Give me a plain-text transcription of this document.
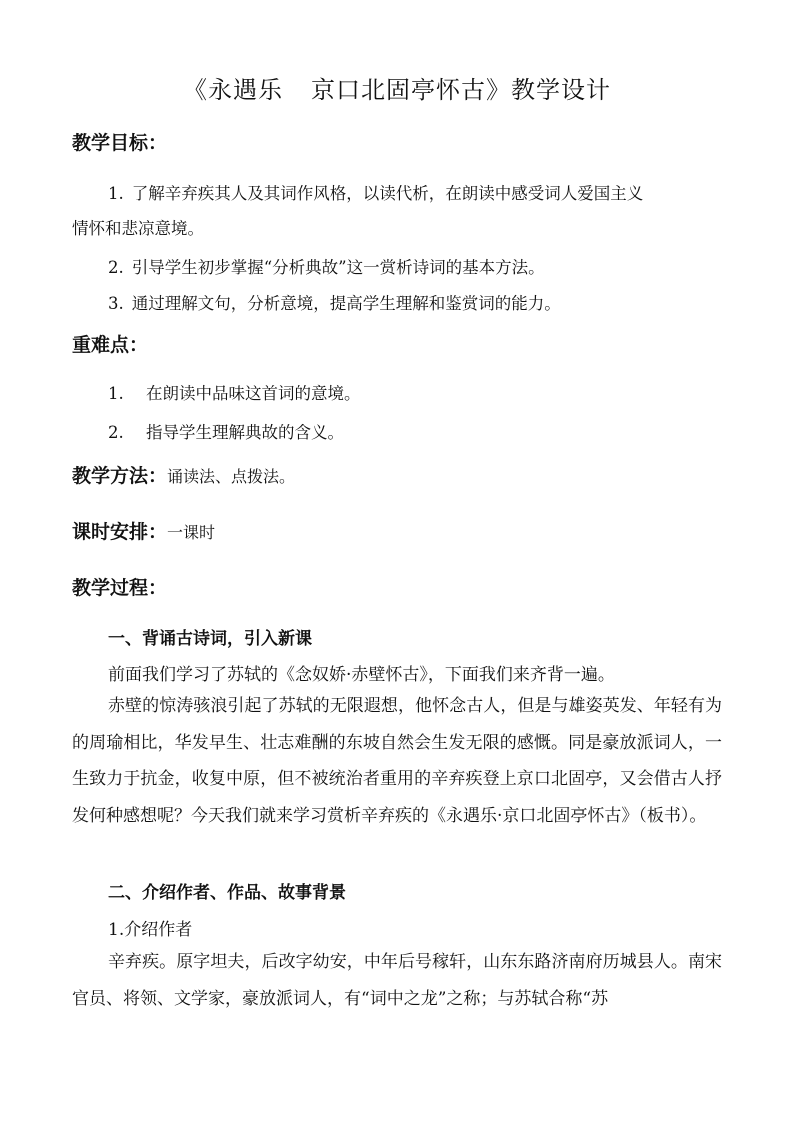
《永遇乐 京口北固亭怀古》教学设计
教学目标：
1. 了解辛弃疾其人及其词作风格，以读代析，在朗读中感受词人爱国主义
情怀和悲凉意境。
2. 引导学生初步掌握“分析典故”这一赏析诗词的基本方法。
3. 通过理解文句，分析意境，提高学生理解和鉴赏词的能力。
重难点：
1. 在朗读中品味这首词的意境。
2. 指导学生理解典故的含义。
教学方法：诵读法、点拨法。
课时安排：一课时
教学过程：
一、背诵古诗词，引入新课
前面我们学习了苏轼的《念奴娇·赤壁怀古》，下面我们来齐背一遍。
赤壁的惊涛骇浪引起了苏轼的无限遐想，他怀念古人，但是与雄姿英发、年轻有为的周瑜相比，华发早生、壮志难酬的东坡自然会生发无限的感慨。同是豪放派词人，一生致力于抗金，收复中原，但不被统治者重用的辛弃疾登上京口北固亭，又会借古人抒发何种感想呢？今天我们就来学习赏析辛弃疾的《永遇乐·京口北固亭怀古》（板书）。
二、介绍作者、作品、故事背景
1.介绍作者
辛弃疾。原字坦夫，后改字幼安，中年后号稼轩，山东东路济南府历城县人。南宋官员、将领、文学家，豪放派词人，有“词中之龙”之称；与苏轼合称“苏
